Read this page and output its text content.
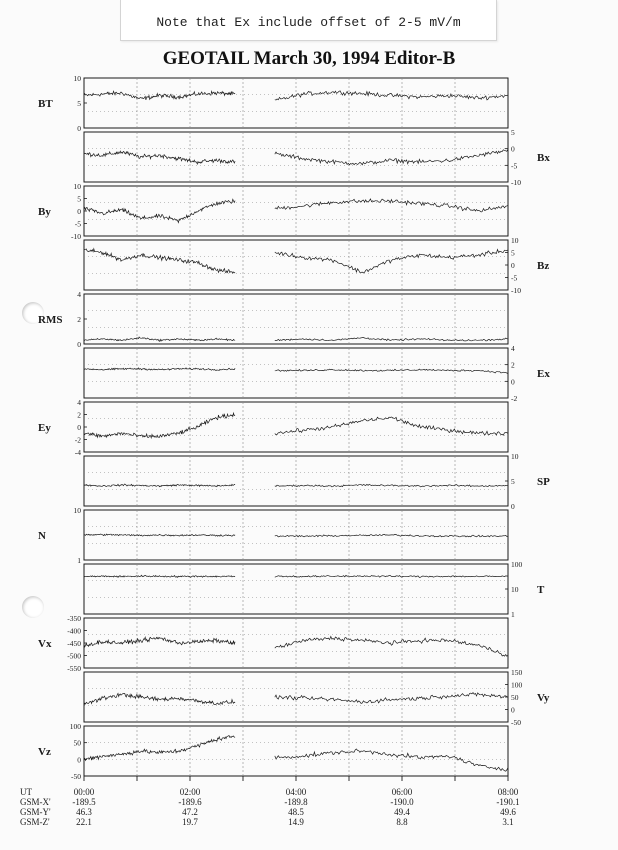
Note that Ex include offset of 2-5 mV/m
GEOTAIL March 30, 1994 Editor-B
10
5
0
BT
5
0
-5
-10
Bx
10
5
0
-5
-10
By
10
5
0
-5
-10
Bz
4
2
0
RMS
4
2
0
-2
Ex
4
2
0
-2
-4
Ey
10
5
0
SP
10
1
N
100
10
1
T
-350
-400
-450
-500
-550
Vx
150
100
50
0
-50
Vy
100
50
0
-50
Vz
UT
GSM-X'
GSM-Y'
GSM-Z'
00:00
-189.5
46.3
22.1
02:00
-189.6
47.2
19.7
04:00
-189.8
48.5
14.9
06:00
-190.0
49.4
8.8
08:00
-190.1
49.6
3.1
